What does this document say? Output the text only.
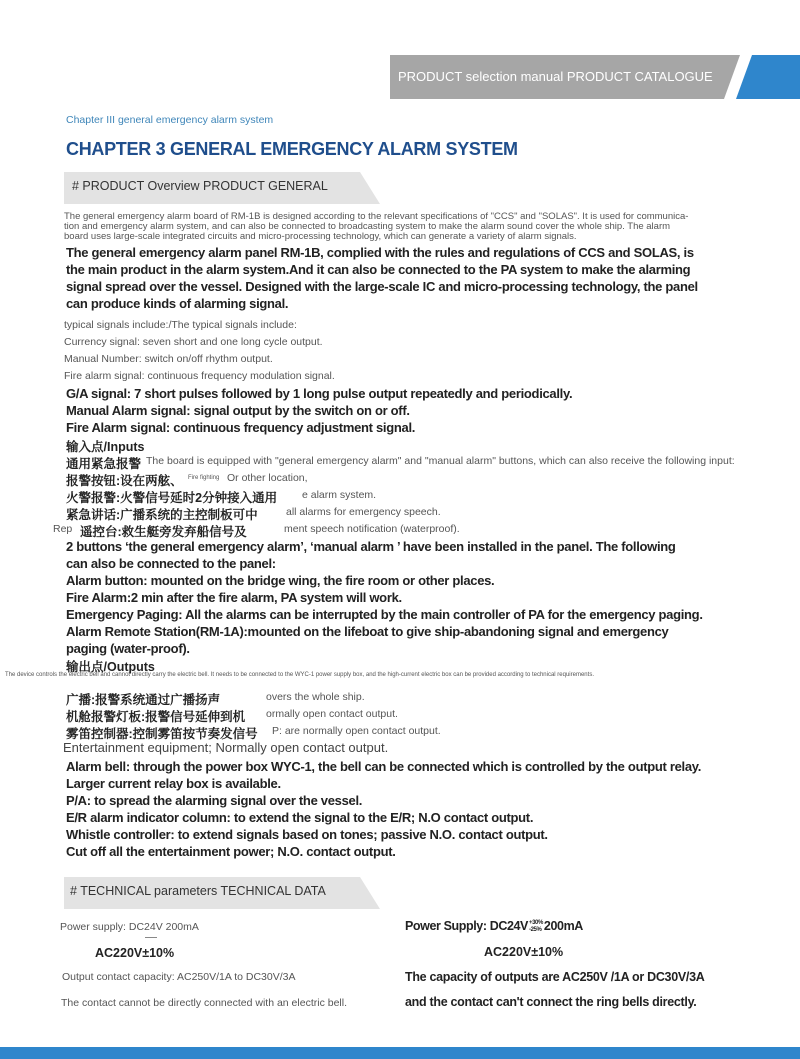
PRODUCT selection manual PRODUCT CATALOGUE
Chapter III general emergency alarm system
CHAPTER 3 GENERAL EMERGENCY ALARM SYSTEM
# PRODUCT Overview PRODUCT GENERAL
The general emergency alarm board of RM-1B is designed according to the relevant specifications of "CCS" and "SOLAS". It is used for communica-
tion and emergency alarm system, and can also be connected to broadcasting system to make the alarm sound cover the whole ship. The alarm
board uses large-scale integrated circuits and micro-processing technology, which can generate a variety of alarm signals.
The general emergency alarm panel RM-1B, complied with the rules and regulations of CCS and SOLAS, is
the main product in the alarm system.And it can also be connected to the PA system to make the alarming
signal spread over the vessel. Designed with the large-scale IC and micro-processing technology, the panel
can produce kinds of alarming signal.
typical signals include:/The typical signals include:
Currency signal: seven short and one long cycle output.
Manual Number: switch on/off rhythm output.
Fire alarm signal: continuous frequency modulation signal.
G/A signal: 7 short pulses followed by 1 long pulse output repeatedly and periodically.
Manual Alarm signal: signal output by the switch on or off.
Fire Alarm signal: continuous frequency adjustment signal.
输入点/Inputs
通用紧急报警 The board is equipped with "general emergency alarm" and "manual alarm" buttons, which can also receive the following input:
报警按钮:设在两舷、 Fire fighting Or other location,
火警报警:火警信号延时2分钟接入通用 e alarm system.
紧急讲话:广播系统的主控制板可中	all alarms for emergency speech.
Rep 遥控台:救生艇旁发弃船信号及	ment speech notification (waterproof).
2 buttons ‘the general emergency alarm’, ‘manual alarm ’ have been installed in the panel. The following
can also be connected to the panel:
Alarm button: mounted on the bridge wing, the fire room or other places.
Fire Alarm:2 min after the fire alarm, PA system will work.
Emergency Paging: All the alarms can be interrupted by the main controller of PA for the emergency paging.
Alarm Remote Station(RM-1A):mounted on the lifeboat to give ship-abandoning signal and emergency
paging (water-proof).
输出点/Outputs
The device controls the electric bell and cannot directly carry the electric bell. It needs to be connected to the WYC-1 power supply box, and the high-current electric box can be provided according to technical requirements.
广播:报警系统通过广播扬声	overs the whole ship.
机舱报警灯板:报警信号延伸到机 ormally open contact output.
雾笛控制器:控制雾笛按节奏发信号 P: are normally open contact output.
Entertainment equipment; Normally open contact output.
Alarm bell: through the power box WYC-1, the bell can be connected which is controlled by the output relay.
Larger current relay box is available.
P/A: to spread the alarming signal over the vessel.
E/R alarm indicator column: to extend the signal to the E/R; N.O contact output.
Whistle controller: to extend signals based on tones; passive N.O. contact output.
Cut off all the entertainment power; N.O. contact output.
# TECHNICAL parameters TECHNICAL DATA
Power supply: DC24V 200mA
AC220V±10%
Output contact capacity: AC250V/1A to DC30V/3A
The contact cannot be directly connected with an electric bell.
Power Supply: DC24V +30%
-25% 200mA
AC220V±10%
The capacity of outputs are AC250V /1A or DC30V/3A
and the contact can't connect the ring bells directly.
